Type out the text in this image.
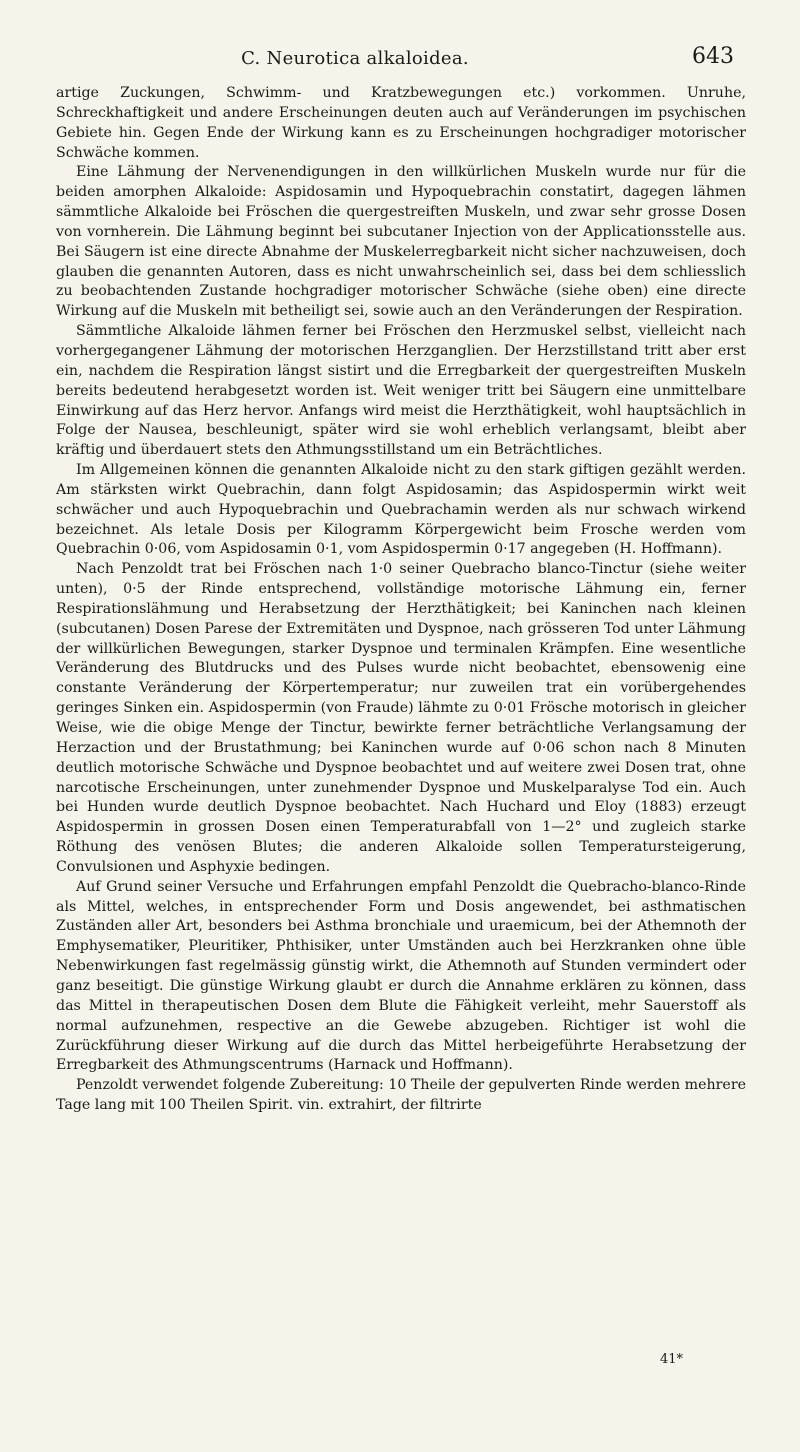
C. Neurotica alkaloidea.	643

artige Zuckungen, Schwimm- und Kratzbewegungen etc.) vorkommen. Unruhe, Schreckhaftigkeit und andere Erscheinungen deuten auch auf Veränderungen im psychischen Gebiete hin. Gegen Ende der Wirkung kann es zu Erscheinungen hochgradiger motorischer Schwäche kommen.

Eine Lähmung der Nervenendigungen in den willkürlichen Muskeln wurde nur für die beiden amorphen Alkaloide: Aspidosamin und Hypoquebrachin constatirt, dagegen lähmen sämmtliche Alkaloide bei Fröschen die quergestreiften Muskeln, und zwar sehr grosse Dosen von vornherein. Die Lähmung beginnt bei subcutaner Injection von der Applicationsstelle aus. Bei Säugern ist eine directe Abnahme der Muskelerregbarkeit nicht sicher nachzuweisen, doch glauben die genannten Autoren, dass es nicht unwahrscheinlich sei, dass bei dem schliesslich zu beobachtenden Zustande hochgradiger motorischer Schwäche (siehe oben) eine directe Wirkung auf die Muskeln mit betheiligt sei, sowie auch an den Veränderungen der Respiration.

Sämmtliche Alkaloide lähmen ferner bei Fröschen den Herzmuskel selbst, vielleicht nach vorhergegangener Lähmung der motorischen Herzganglien. Der Herzstillstand tritt aber erst ein, nachdem die Respiration längst sistirt und die Erregbarkeit der quergestreiften Muskeln bereits bedeutend herabgesetzt worden ist. Weit weniger tritt bei Säugern eine unmittelbare Einwirkung auf das Herz hervor. Anfangs wird meist die Herzthätigkeit, wohl hauptsächlich in Folge der Nausea, beschleunigt, später wird sie wohl erheblich verlangsamt, bleibt aber kräftig und überdauert stets den Athmungsstillstand um ein Beträchtliches.

Im Allgemeinen können die genannten Alkaloide nicht zu den stark giftigen gezählt werden. Am stärksten wirkt Quebrachin, dann folgt Aspidosamin; das Aspidospermin wirkt weit schwächer und auch Hypoquebrachin und Quebrachamin werden als nur schwach wirkend bezeichnet. Als letale Dosis per Kilogramm Körpergewicht beim Frosche werden vom Quebrachin 0·06, vom Aspidosamin 0·1, vom Aspidospermin 0·17 angegeben (H. Hoffmann).

Nach Penzoldt trat bei Fröschen nach 1·0 seiner Quebracho blanco-Tinctur (siehe weiter unten), 0·5 der Rinde entsprechend, vollständige motorische Lähmung ein, ferner Respirationslähmung und Herabsetzung der Herzthätigkeit; bei Kaninchen nach kleinen (subcutanen) Dosen Parese der Extremitäten und Dyspnoe, nach grösseren Tod unter Lähmung der willkürlichen Bewegungen, starker Dyspnoe und terminalen Krämpfen. Eine wesentliche Veränderung des Blutdrucks und des Pulses wurde nicht beobachtet, ebensowenig eine constante Veränderung der Körpertemperatur; nur zuweilen trat ein vorübergehendes geringes Sinken ein. Aspidospermin (von Fraude) lähmte zu 0·01 Frösche motorisch in gleicher Weise, wie die obige Menge der Tinctur, bewirkte ferner beträchtliche Verlangsamung der Herzaction und der Brustathmung; bei Kaninchen wurde auf 0·06 schon nach 8 Minuten deutlich motorische Schwäche und Dyspnoe beobachtet und auf weitere zwei Dosen trat, ohne narcotische Erscheinungen, unter zunehmender Dyspnoe und Muskelparalyse Tod ein. Auch bei Hunden wurde deutlich Dyspnoe beobachtet. Nach Huchard und Eloy (1883) erzeugt Aspidospermin in grossen Dosen einen Temperaturabfall von 1—2° und zugleich starke Röthung des venösen Blutes; die anderen Alkaloide sollen Temperatursteigerung, Convulsionen und Asphyxie bedingen.

Auf Grund seiner Versuche und Erfahrungen empfahl Penzoldt die Quebracho-blanco-Rinde als Mittel, welches, in entsprechender Form und Dosis angewendet, bei asthmatischen Zuständen aller Art, besonders bei Asthma bronchiale und uraemicum, bei der Athemnoth der Emphysematiker, Pleuritiker, Phthisiker, unter Umständen auch bei Herzkranken ohne üble Nebenwirkungen fast regelmässig günstig wirkt, die Athemnoth auf Stunden vermindert oder ganz beseitigt. Die günstige Wirkung glaubt er durch die Annahme erklären zu können, dass das Mittel in therapeutischen Dosen dem Blute die Fähigkeit verleiht, mehr Sauerstoff als normal aufzunehmen, respective an die Gewebe abzugeben. Richtiger ist wohl die Zurückführung dieser Wirkung auf die durch das Mittel herbeigeführte Herabsetzung der Erregbarkeit des Athmungscentrums (Harnack und Hoffmann).

Penzoldt verwendet folgende Zubereitung: 10 Theile der gepulverten Rinde werden mehrere Tage lang mit 100 Theilen Spirit. vin. extrahirt, der filtrirte

41*
